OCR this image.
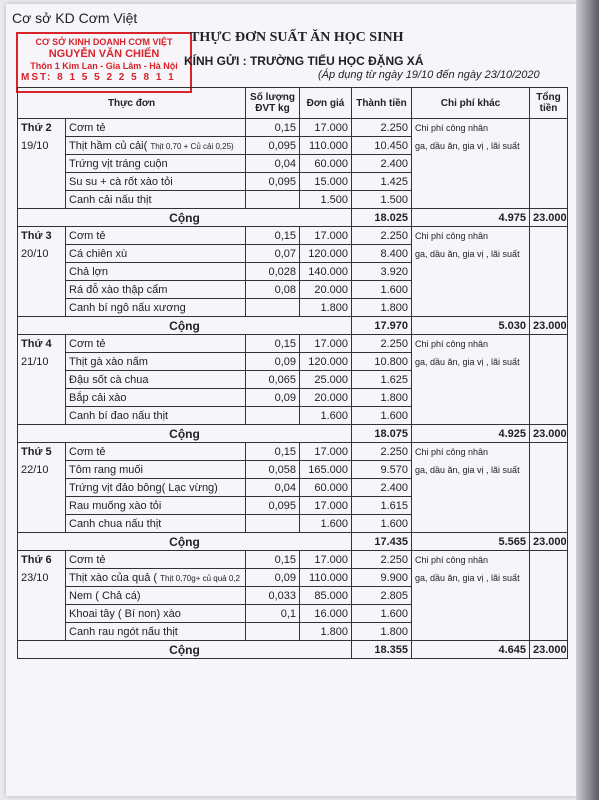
Cơ sở KD Cơm Việt
CƠ SỞ KINH DOANH CƠM VIỆT
NGUYỄN VĂN CHIẾN
Thôn 1 Kim Lan - Gia Lâm - Hà Nội
MST: 8 1 5 5 2 2 5 8 1 1
THỰC ĐƠN SUẤT ĂN HỌC SINH
KÍNH GỬI : TRƯỜNG TIỂU HỌC ĐẶNG XÁ
(Áp dụng từ ngày 19/10 đến ngày 23/10/2020
Thực đơn		Số lượng ĐVT kg	Đơn giá	Thành tiền	Chi phí khác	Tổng tiền
Thứ 2	Cơm tẻ	0,15	17.000	2.250	Chi phí công nhân	
19/10	Thịt hầm củ cải( Thịt 0,70 + Củ cải 0,25)	0,095	110.000	10.450	ga, dầu ăn, gia vị , lãi suất	
	Trứng vịt tráng cuộn	0,04	60.000	2.400		
	Su su + cà rốt xào tỏi	0,095	15.000	1.425		
	Canh cải nấu thịt		1.500	1.500		
Cộng				18.025	4.975	23.000
Thứ 3	Cơm tẻ	0,15	17.000	2.250	Chi phí công nhân	
20/10	Cá chiên xù	0,07	120.000	8.400	ga, dầu ăn, gia vị , lãi suất	
	Chả lợn	0,028	140.000	3.920		
	Rá đỗ xào thập cẩm	0,08	20.000	1.600		
	Canh bí ngô nấu xương		1.800	1.800		
Cộng				17.970	5.030	23.000
Thứ 4	Cơm tẻ	0,15	17.000	2.250	Chi phí công nhân	
21/10	Thịt gà xào nấm	0,09	120.000	10.800	ga, dầu ăn, gia vị , lãi suất	
	Đậu sốt cà chua	0,065	25.000	1.625		
	Bắp cải xào	0,09	20.000	1.800		
	Canh bí đao nấu thịt		1.600	1.600		
Cộng				18.075	4.925	23.000
Thứ 5	Cơm tẻ	0,15	17.000	2.250	Chi phí công nhân	
22/10	Tôm rang muối	0,058	165.000	9.570	ga, dầu ăn, gia vị , lãi suất	
	Trứng vịt đảo bông( Lạc vừng)	0,04	60.000	2.400		
	Rau muống xào tỏi	0,095	17.000	1.615		
	Canh chua nấu thịt		1.600	1.600		
Cộng				17.435	5.565	23.000
Thứ 6	Cơm tẻ	0,15	17.000	2.250	Chi phí công nhân	
23/10	Thịt xào của quả ( Thịt 0,70g+ củ quả 0,2	0,09	110.000	9.900	ga, dầu ăn, gia vị , lãi suất	
	Nem ( Chả cá)	0,033	85.000	2.805		
	Khoai tây ( Bí non) xào	0,1	16.000	1.600		
	Canh rau ngót nấu thịt		1.800	1.800		
Cộng				18.355	4.645	23.000
